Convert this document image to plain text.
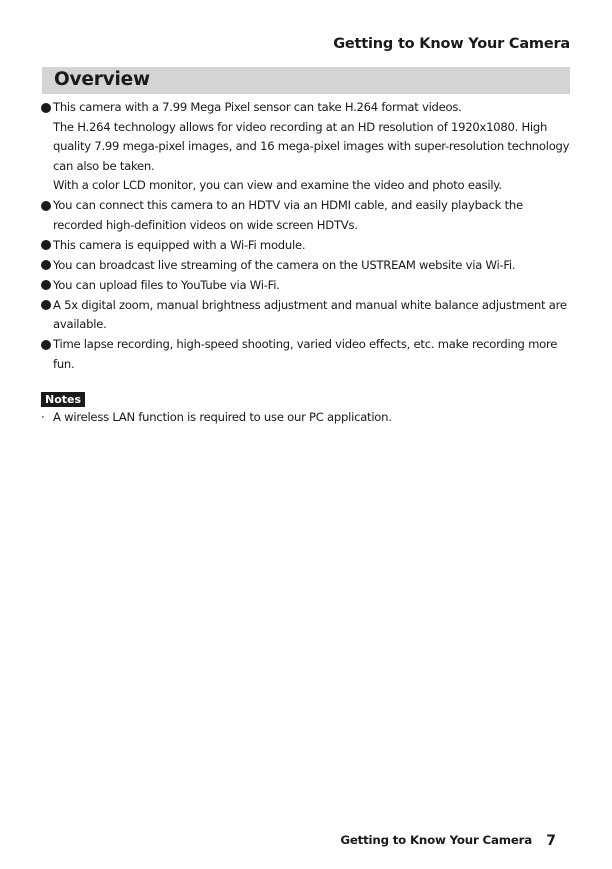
Getting to Know Your Camera
Overview

This camera with a 7.99 Mega Pixel sensor can take H.264 format videos.

The H.264 technology allows for video recording at an HD resolution of 1920x1080. High quality 7.99 mega-pixel images, and 16 mega-pixel images with super-resolution technology can also be taken.

With a color LCD monitor, you can view and examine the video and photo easily.

You can connect this camera to an HDTV via an HDMI cable, and easily playback the recorded high-definition videos on wide screen HDTVs.

This camera is equipped with a Wi-Fi module.

You can broadcast live streaming of the camera on the USTREAM website via Wi-Fi.

You can upload files to YouTube via Wi-Fi.

A 5x digital zoom, manual brightness adjustment and manual white balance adjustment are available.

Time lapse recording, high-speed shooting, varied video effects, etc. make recording more fun.

Notes
· A wireless LAN function is required to use our PC application.
Getting to Know Your Camera 7
